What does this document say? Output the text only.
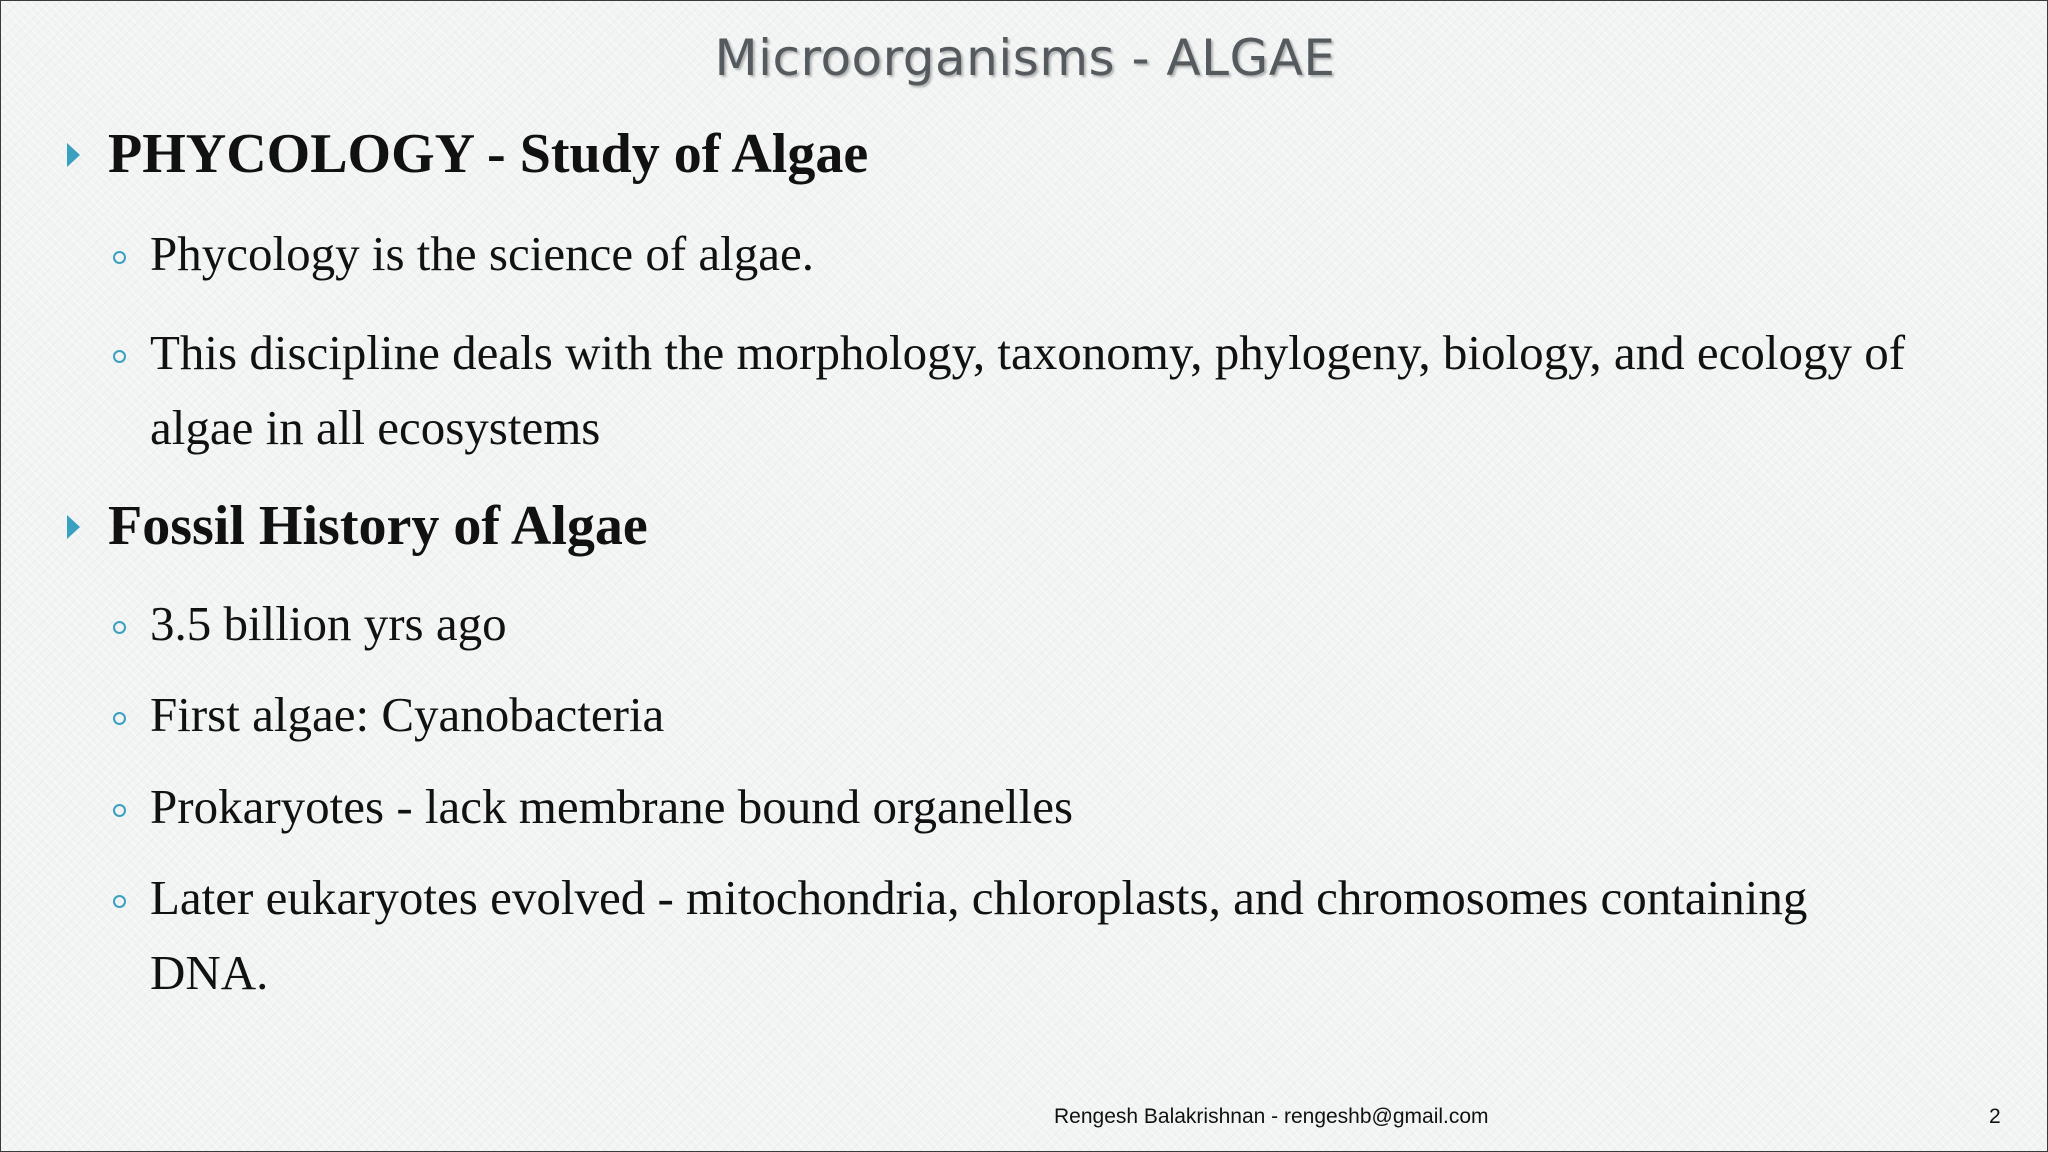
Microorganisms - ALGAE
PHYCOLOGY - Study of Algae
Phycology is the science of algae.
This discipline deals with the morphology, taxonomy, phylogeny, biology, and ecology of algae in all ecosystems
Fossil History of Algae
3.5 billion yrs ago
First algae: Cyanobacteria
Prokaryotes - lack membrane bound organelles
Later eukaryotes evolved - mitochondria, chloroplasts, and chromosomes containing DNA.
Rengesh Balakrishnan - rengeshb@gmail.com	2
